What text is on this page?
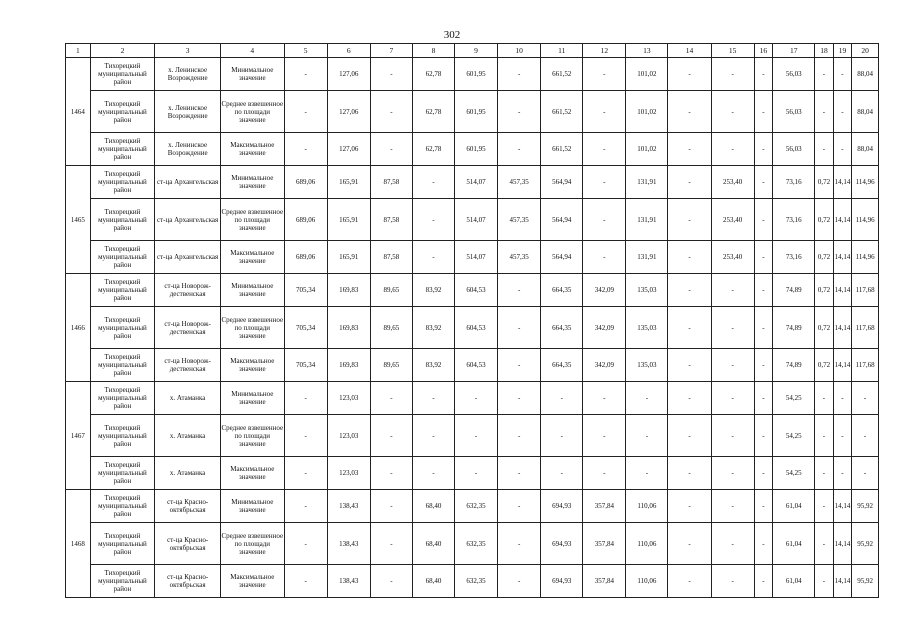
302
1	2	3	4	5	6	7	8	9	10	11	12	13	14	15	16	17	18	19	20
1464	Тихорецкий муниципальный район	х. Ленинское Возрождение	Минимальное значение	-	127,06	-	62,78	601,95	-	661,52	-	101,02	-	-	-	56,03	-	-	88,04
	Тихорецкий муниципальный район	х. Ленинское Возрождение	Среднее взвешенное по площади значение	-	127,06	-	62,78	601,95	-	661,52	-	101,02	-	-	-	56,03	-	-	88,04
	Тихорецкий муниципальный район	х. Ленинское Возрождение	Максимальное значение	-	127,06	-	62,78	601,95	-	661,52	-	101,02	-	-	-	56,03	-	-	88,04
1465	Тихорецкий муниципальный район	ст-ца Архангельская	Минимальное значение	689,06	165,91	87,58	-	514,07	457,35	564,94	-	131,91	-	253,40	-	73,16	0,72	14,14	114,96
	Тихорецкий муниципальный район	ст-ца Архангельская	Среднее взвешенное по площади значение	689,06	165,91	87,58	-	514,07	457,35	564,94	-	131,91	-	253,40	-	73,16	0,72	14,14	114,96
	Тихорецкий муниципальный район	ст-ца Архангельская	Максимальное значение	689,06	165,91	87,58	-	514,07	457,35	564,94	-	131,91	-	253,40	-	73,16	0,72	14,14	114,96
1466	Тихорецкий муниципальный район	ст-ца Новорож-дественская	Минимальное значение	705,34	169,83	89,65	83,92	604,53	-	664,35	342,09	135,03	-	-	-	74,89	0,72	14,14	117,68
	Тихорецкий муниципальный район	ст-ца Новорож-дественская	Среднее взвешенное по площади значение	705,34	169,83	89,65	83,92	604,53	-	664,35	342,09	135,03	-	-	-	74,89	0,72	14,14	117,68
	Тихорецкий муниципальный район	ст-ца Новорож-дественская	Максимальное значение	705,34	169,83	89,65	83,92	604,53	-	664,35	342,09	135,03	-	-	-	74,89	0,72	14,14	117,68
1467	Тихорецкий муниципальный район	х. Атаманка	Минимальное значение	-	123,03	-	-	-	-	-	-	-	-	-	-	54,25	-	-	-
	Тихорецкий муниципальный район	х. Атаманка	Среднее взвешенное по площади значение	-	123,03	-	-	-	-	-	-	-	-	-	-	54,25	-	-	-
	Тихорецкий муниципальный район	х. Атаманка	Максимальное значение	-	123,03	-	-	-	-	-	-	-	-	-	-	54,25	-	-	-
1468	Тихорецкий муниципальный район	ст-ца Красно-октябрьская	Минимальное значение	-	138,43	-	68,40	632,35	-	694,93	357,84	110,06	-	-	-	61,04	-	14,14	95,92
	Тихорецкий муниципальный район	ст-ца Красно-октябрьская	Среднее взвешенное по площади значение	-	138,43	-	68,40	632,35	-	694,93	357,84	110,06	-	-	-	61,04	-	14,14	95,92
	Тихорецкий муниципальный район	ст-ца Красно-октябрьская	Максимальное значение	-	138,43	-	68,40	632,35	-	694,93	357,84	110,06	-	-	-	61,04	-	14,14	95,92
